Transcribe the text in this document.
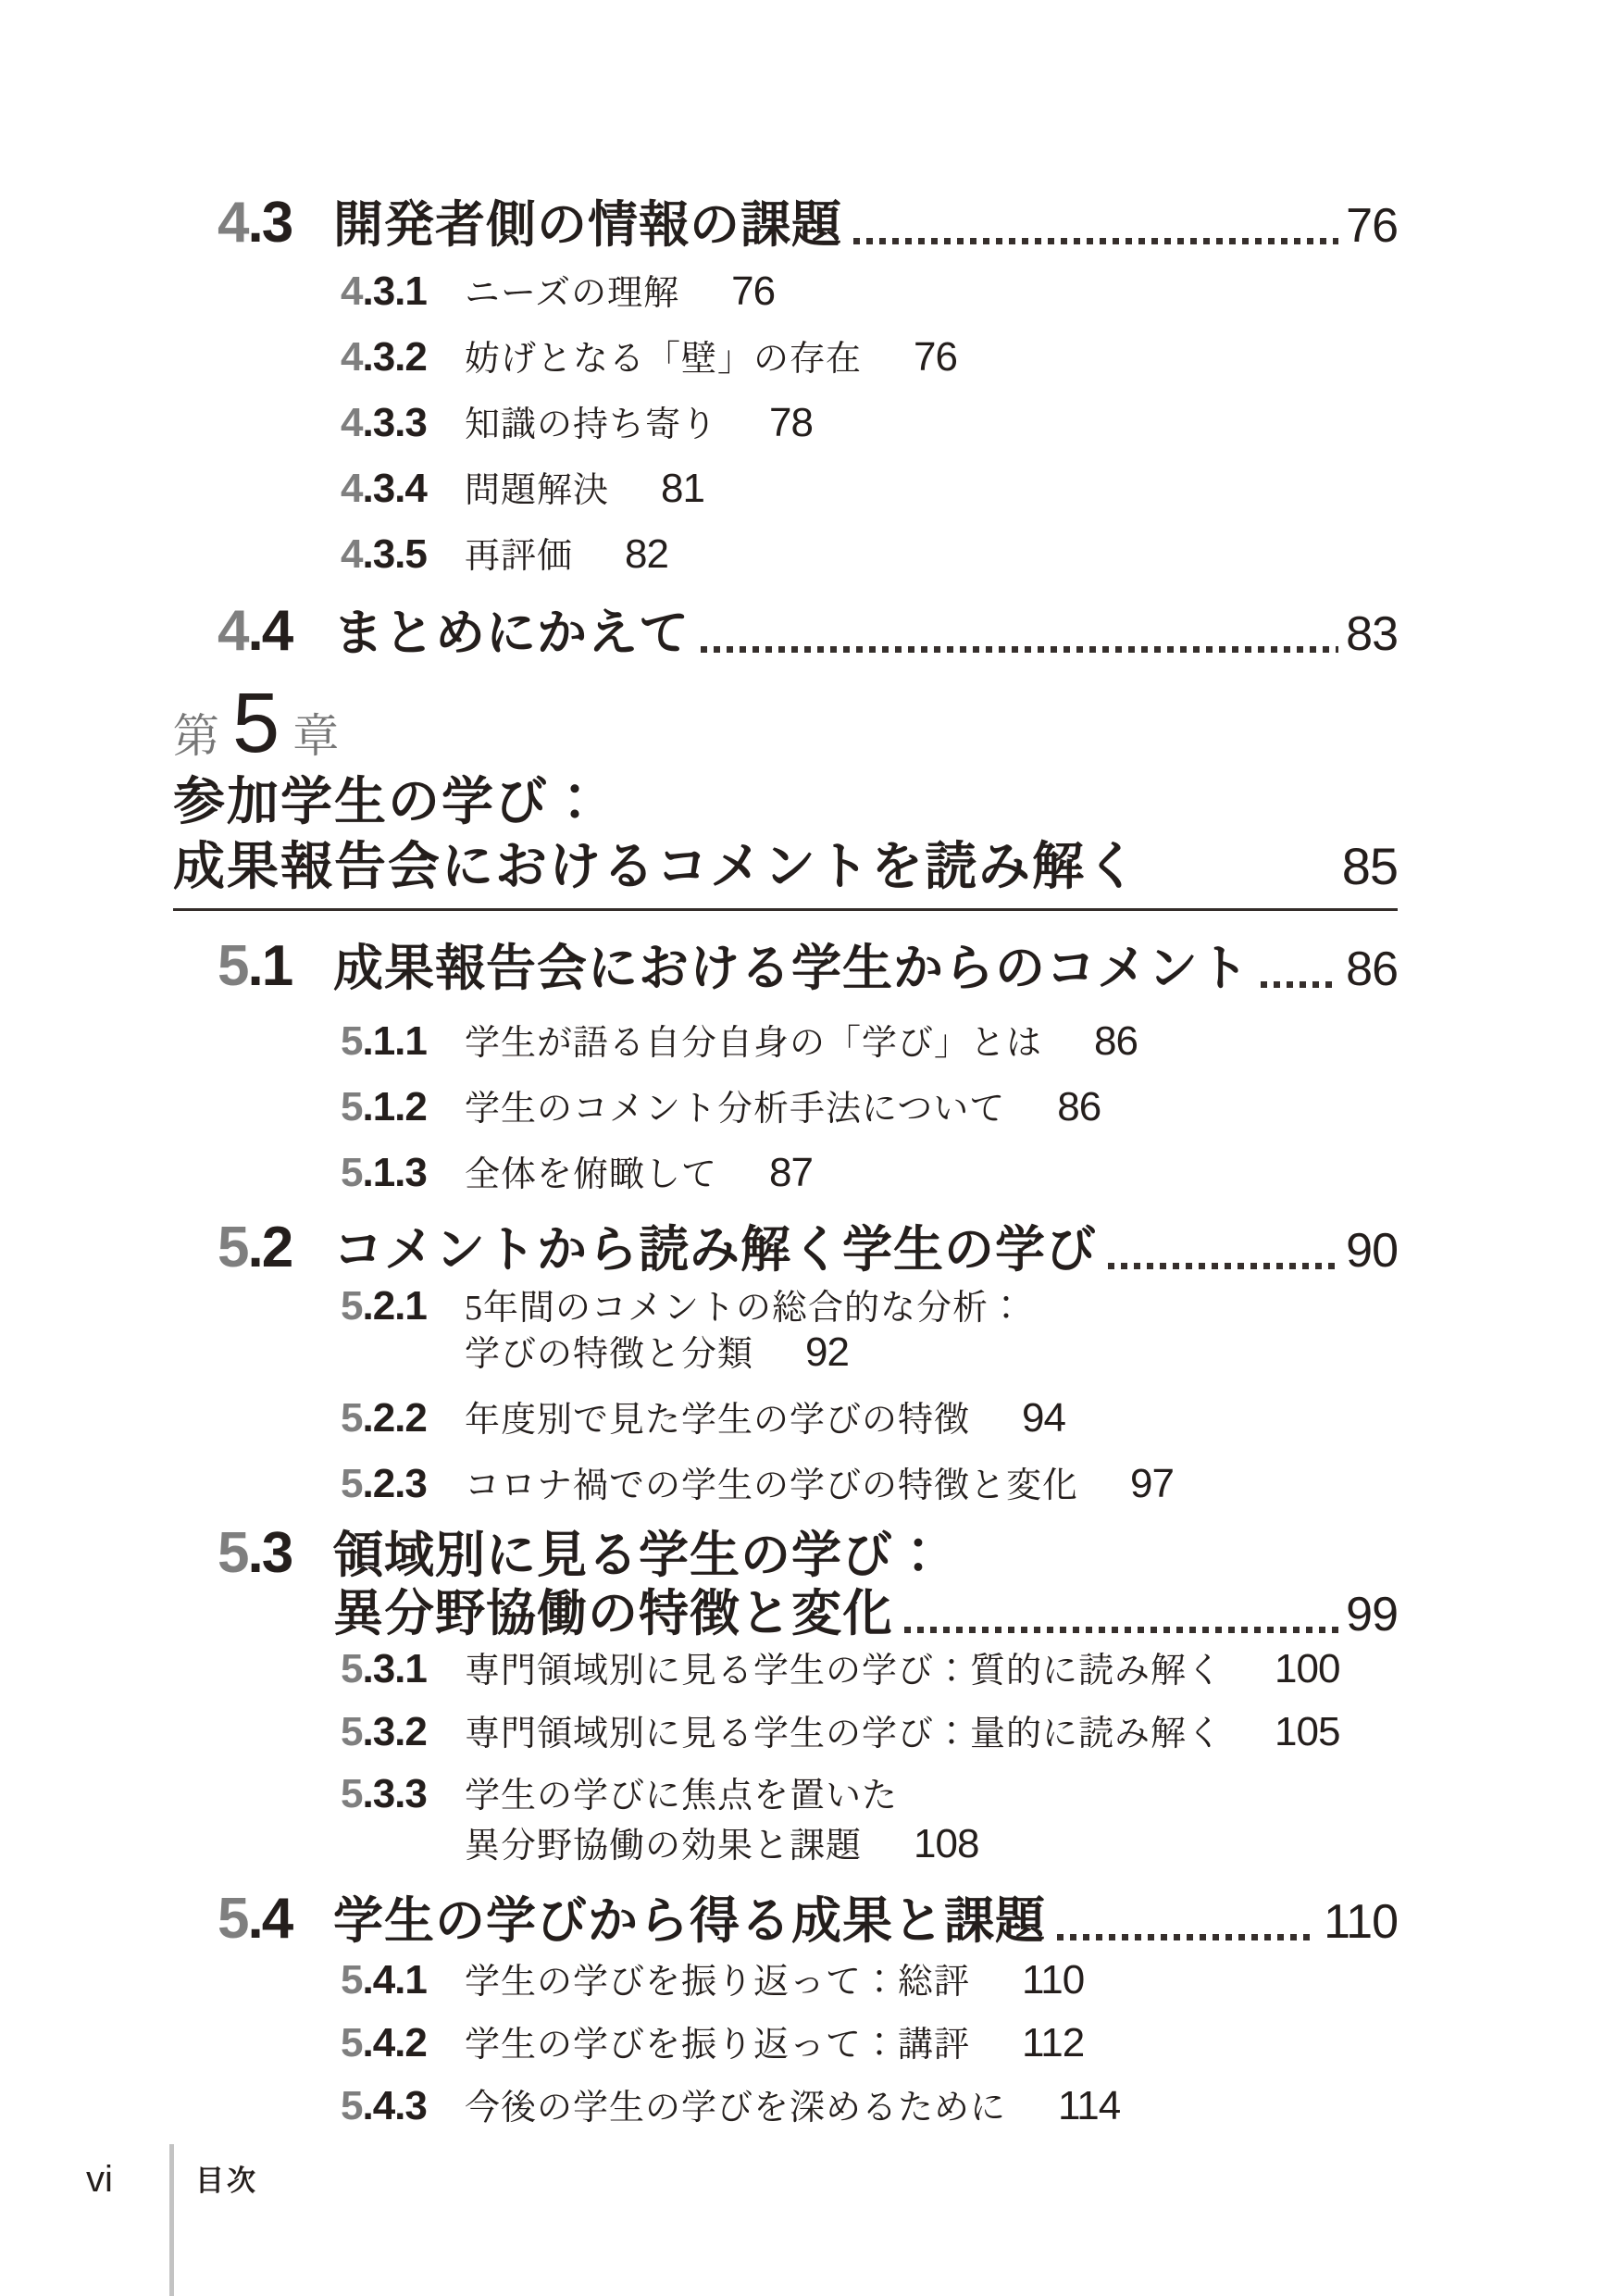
4.3 開発者側の情報の課題	76
4.3.1	ニーズの理解 76
4.3.2	妨げとなる「壁」の存在 76
4.3.3	知識の持ち寄り 78
4.3.4	問題解決 81
4.3.5	再評価 82
4.4 まとめにかえて	83
第 5 章
参加学生の学び：
成果報告会におけるコメントを読み解く	85
5.1 成果報告会における学生からのコメント 86
5.1.1	学生が語る自分自身の「学び」とは 86
5.1.2	学生のコメント分析手法について 86
5.1.3	全体を俯瞰して 87
5.2 コメントから読み解く学生の学び	90
5.2.1	5年間のコメントの総合的な分析：
学びの特徴と分類 92
5.2.2	年度別で見た学生の学びの特徴 94
5.2.3	コロナ禍での学生の学びの特徴と変化 97
5.3 領域別に見る学生の学び：
異分野協働の特徴と変化	99
5.3.1	専門領域別に見る学生の学び：質的に読み解く 100
5.3.2	専門領域別に見る学生の学び：量的に読み解く 105
5.3.3	学生の学びに焦点を置いた
異分野協働の効果と課題 108
5.4 学生の学びから得る成果と課題	110
5.4.1	学生の学びを振り返って：総評 110
5.4.2	学生の学びを振り返って：講評 112
5.4.3	今後の学生の学びを深めるために 114
vi	目次
